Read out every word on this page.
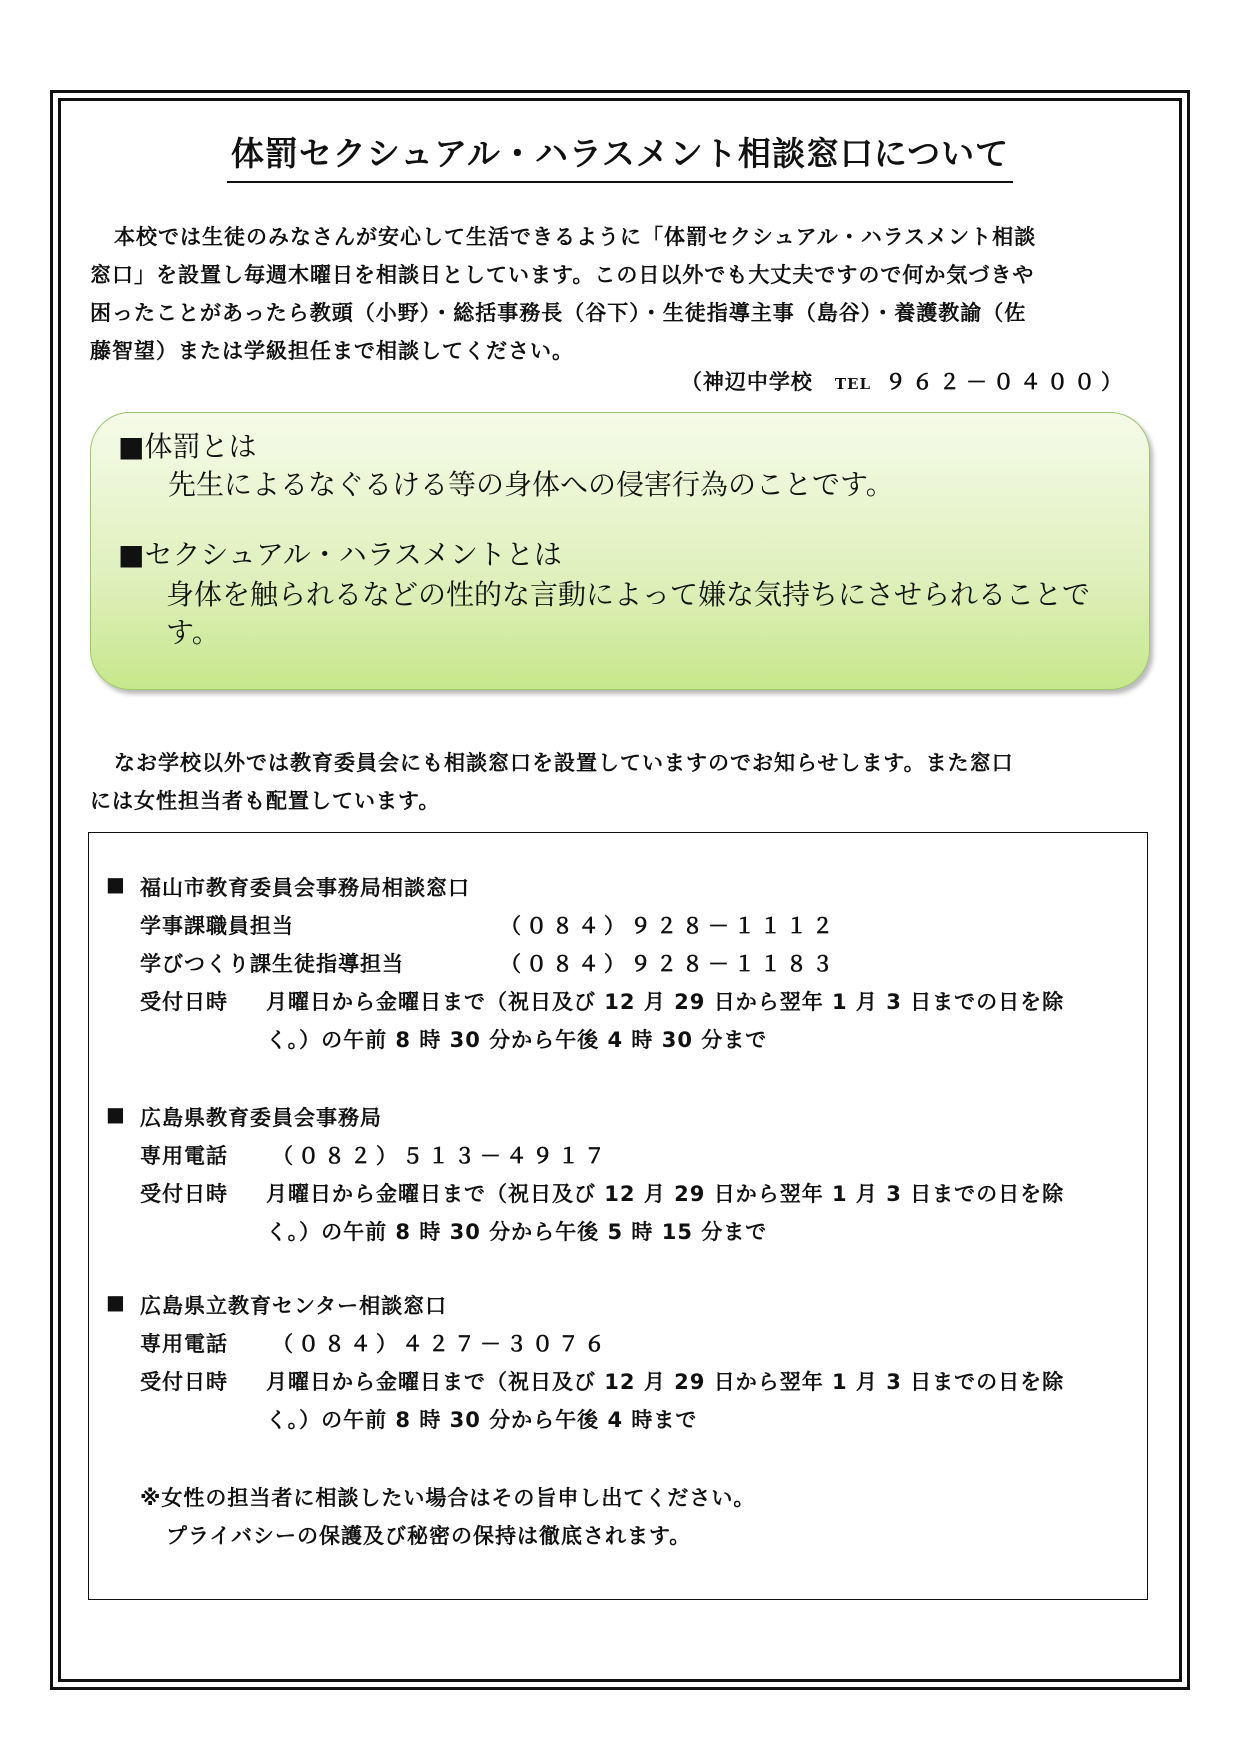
体罰セクシュアル・ハラスメント相談窓口について
本校では生徒のみなさんが安心して生活できるように「体罰セクシュアル・ハラスメント相談
窓口」を設置し毎週木曜日を相談日としています。この日以外でも大丈夫ですので何か気づきや
困ったことがあったら教頭（小野）・総括事務長（谷下）・生徒指導主事（島谷）・養護教諭（佐
藤智望）または学級担任まで相談してください。
（神辺中学校 TEL ９６２－０４００）
■体罰とは
先生によるなぐるける等の身体への侵害行為のことです。
■セクシュアル・ハラスメントとは
身体を触られるなどの性的な言動によって嫌な気持ちにさせられることで
す。
なお学校以外では教育委員会にも相談窓口を設置していますのでお知らせします。また窓口
には女性担当者も配置しています。
■ 福山市教育委員会事務局相談窓口
学事課職員担当	（０８４）９２８－１１１２
学びつくり課生徒指導担当	（０８４）９２８－１１８３
受付日時 月曜日から金曜日まで（祝日及び 12 月 29 日から翌年 1 月 3 日までの日を除
く。）の午前 8 時 30 分から午後 4 時 30 分まで
■ 広島県教育委員会事務局
専用電話 （０８２）５１３－４９１７
受付日時 月曜日から金曜日まで（祝日及び 12 月 29 日から翌年 1 月 3 日までの日を除
く。）の午前 8 時 30 分から午後 5 時 15 分まで
■ 広島県立教育センター相談窓口
専用電話 （０８４）４２７－３０７６
受付日時 月曜日から金曜日まで（祝日及び 12 月 29 日から翌年 1 月 3 日までの日を除
く。）の午前 8 時 30 分から午後 4 時まで
※女性の担当者に相談したい場合はその旨申し出てください。
プライバシーの保護及び秘密の保持は徹底されます。
